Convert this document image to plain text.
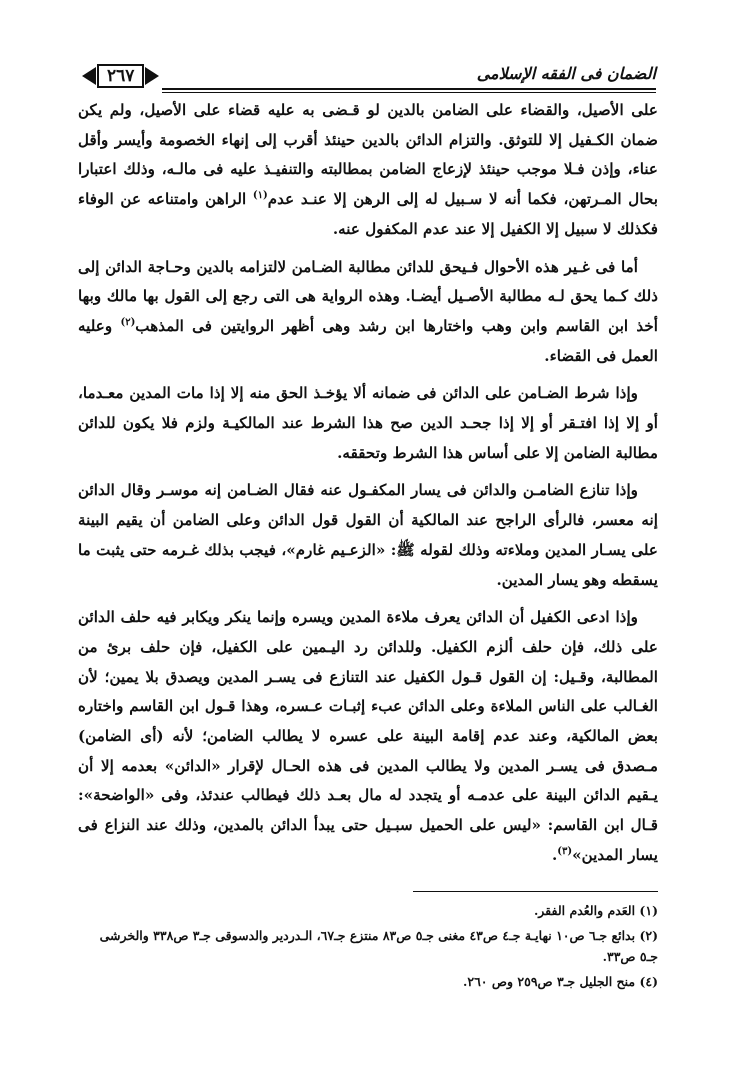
٢٦٧	الضمان فى الفقه الإسلامى

على الأصيل، والقضاء على الضامن بالدين لو قـضى به عليه قضاء على الأصيل، ولم يكن ضمان الكـفيل إلا للتوثق. والتزام الدائن بالدين حينئذ أقرب إلى إنهاء الخصومة وأيسر وأقل عناء، وإذن فـلا موجب حينئذ لإزعاج الضامن بمطالبته والتنفيـذ عليه فى مالـه، وذلك اعتبارا بحال المـرتهن، فكما أنه لا سـبيل له إلى الرهن إلا عنـد عدم$^{(١)}$ الراهن وامتناعه عن الوفاء فكذلك لا سبيل إلا الكفيل إلا عند عدم المكفول عنه.

أما فى غـير هذه الأحوال فـيحق للدائن مطالبة الضـامن لالتزامه بالدين وحـاجة الدائن إلى ذلك كـما يحق لـه مطالبة الأصـيل أيضـا. وهذه الرواية هى التى رجع إلى القول بها مالك وبها أخذ ابن القاسم وابن وهب واختارها ابن رشد وهى أظهر الروايتين فى المذهب$^{(٢)}$ وعليه العمل فى القضاء.

وإذا شرط الضـامن على الدائن فى ضمانه ألا يؤخـذ الحق منه إلا إذا مات المدين معـدما، أو إلا إذا افتـقر أو إلا إذا جحـد الدين صح هذا الشرط عند المالكيـة ولزم فلا يكون للدائن مطالبة الضامن إلا على أساس هذا الشرط وتحققه.

وإذا تنازع الضامـن والدائن فى يسار المكفـول عنه فقال الضـامن إنه موسـر وقال الدائن إنه معسر، فالرأى الراجح عند المالكية أن القول قول الدائن وعلى الضامن أن يقيم البينة على يسـار المدين وملاءته وذلك لقوله ﷺ: «الزعـيم غارم»، فيجب بذلك غـرمه حتى يثبت ما يسقطه وهو يسار المدين.

وإذا ادعى الكفيل أن الدائن يعرف ملاءة المدين ويسره وإنما ينكر ويكابر فيه حلف الدائن على ذلك، فإن حلف ألزم الكفيل. وللدائن رد اليـمين على الكفيل، فإن حلف برئ من المطالبة، وقـيل: إن القول قـول الكفيل عند التنازع فى يسـر المدين ويصدق بلا يمين؛ لأن الغـالب على الناس الملاءة وعلى الدائن عبء إثبـات عـسره، وهذا قـول ابن القاسم واختاره بعض المالكية، وعند عدم إقامة البينة على عسره لا يطالب الضامن؛ لأنه (أى الضامن) مـصدق فى يسـر المدين ولا يطالب المدين فى هذه الحـال لإقرار «الدائن» بعدمه إلا أن يـقيم الدائن البينة على عدمـه أو يتجدد له مال بعـد ذلك فيطالب عندئذ، وفى «الواضحة»: قـال ابن القاسم: «ليس على الحميل سبـيل حتى يبدأ الدائن بالمدين، وذلك عند النزاع فى يسار المدين»$^{(٣)}$.

(١) العَدم والعُدم الفقر.

(٢) بدائع جـ٦ ص١٠ نهايـة جـ٤ ص٤٣ مغنى جـ٥ ص٨٣ منتزع جـ٦٧، الـدردير والدسوقى جـ٣ ص٣٣٨ والخرشى جـ٥ ص٣٣.

(٤) منح الجليل جـ٣ ص٢٥٩ وص ٢٦٠.
